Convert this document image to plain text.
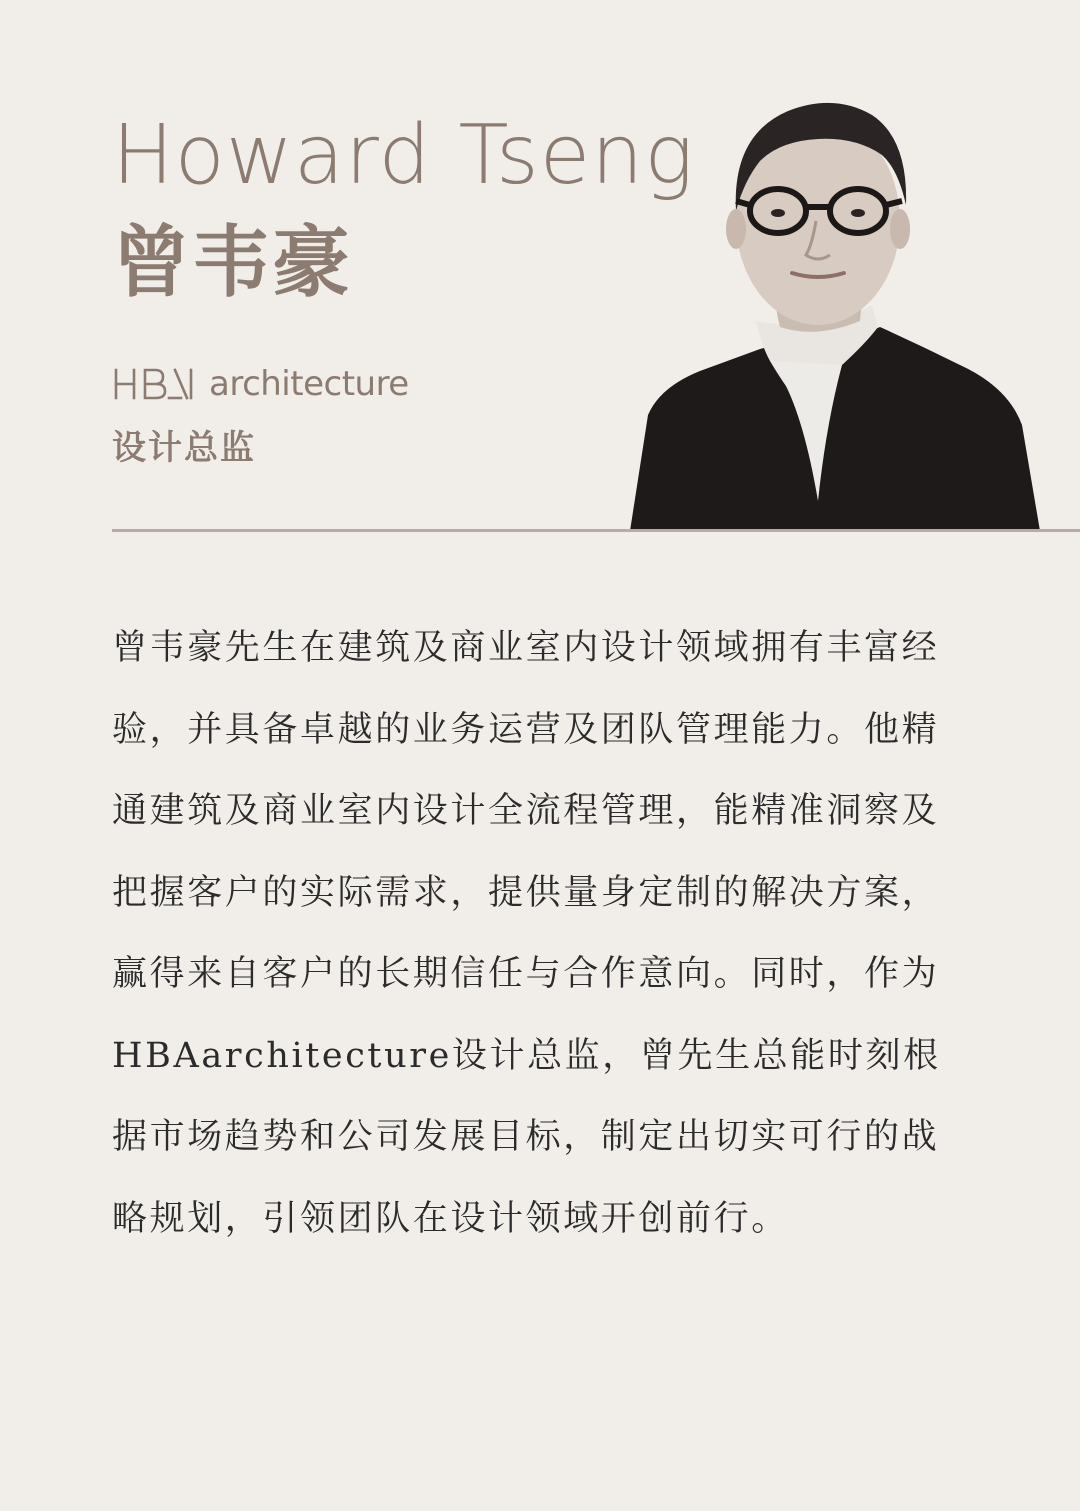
Howard Tseng
曾韦豪
HBA	architecture
设计总监

曾韦豪先生在建筑及商业室内设计领域拥有丰富经验，并具备卓越的业务运营及团队管理能力。他精通建筑及商业室内设计全流程管理，能精准洞察及把握客户的实际需求，提供量身定制的解决方案，赢得来自客户的长期信任与合作意向。同时，作为HBAarchitecture设计总监，曾先生总能时刻根据市场趋势和公司发展目标，制定出切实可行的战略规划，引领团队在设计领域开创前行。
